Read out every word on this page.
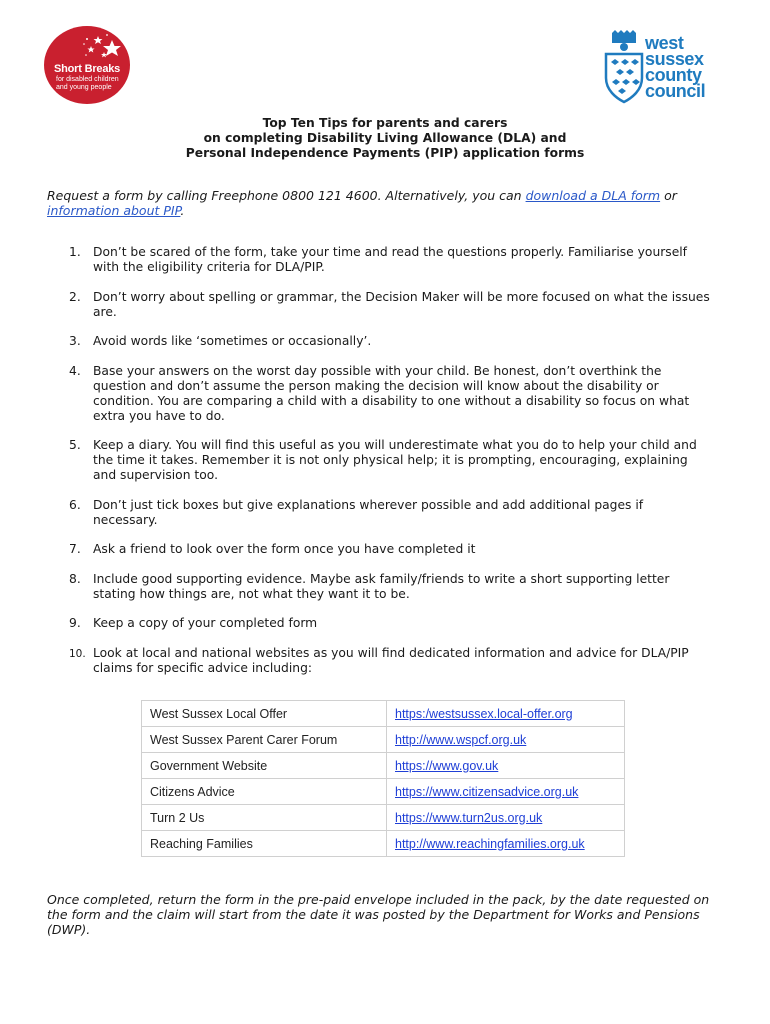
Short Breaks
for disabled children
and young people
west
sussex
county
council
Top Ten Tips for parents and carers
on completing Disability Living Allowance (DLA) and
Personal Independence Payments (PIP) application forms
Request a form by calling Freephone 0800 121 4600. Alternatively, you can download a DLA form or information about PIP.
1. Don’t be scared of the form, take your time and read the questions properly. Familiarise yourself with the eligibility criteria for DLA/PIP.
2. Don’t worry about spelling or grammar, the Decision Maker will be more focused on what the issues are.
3. Avoid words like ‘sometimes or occasionally’.
4. Base your answers on the worst day possible with your child. Be honest, don’t overthink the question and don’t assume the person making the decision will know about the disability or condition. You are comparing a child with a disability to one without a disability so focus on what extra you have to do.
5. Keep a diary. You will find this useful as you will underestimate what you do to help your child and the time it takes. Remember it is not only physical help; it is prompting, encouraging, explaining and supervision too.
6. Don’t just tick boxes but give explanations wherever possible and add additional pages if necessary.
7. Ask a friend to look over the form once you have completed it
8. Include good supporting evidence. Maybe ask family/friends to write a short supporting letter stating how things are, not what they want it to be.
9. Keep a copy of your completed form
10. Look at local and national websites as you will find dedicated information and advice for DLA/PIP claims for specific advice including:
West Sussex Local Offer	https:/westsussex.local-offer.org
West Sussex Parent Carer Forum	http://www.wspcf.org.uk
Government Website	https://www.gov.uk
Citizens Advice	https://www.citizensadvice.org.uk
Turn 2 Us	https://www.turn2us.org.uk
Reaching Families	http://www.reachingfamilies.org.uk
Once completed, return the form in the pre-paid envelope included in the pack, by the date requested on the form and the claim will start from the date it was posted by the Department for Works and Pensions (DWP).
